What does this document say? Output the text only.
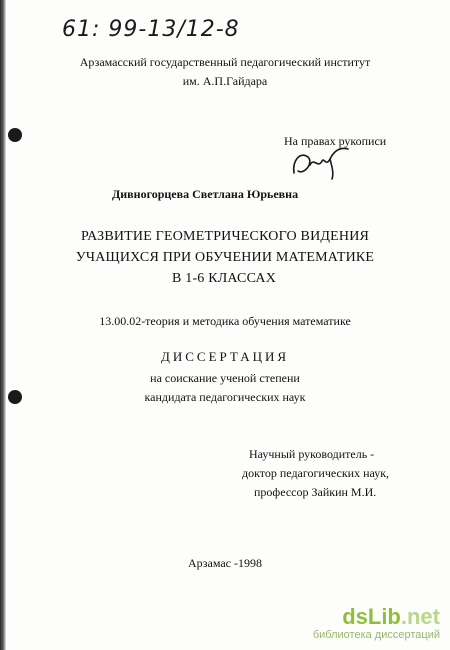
61: 99-13/12-8
Арзамасский государственный педагогический институт
им. А.П.Гайдара
На правах рукописи
Дивногорцева Светлана Юрьевна
РАЗВИТИЕ ГЕОМЕТРИЧЕСКОГО ВИДЕНИЯ
УЧАЩИХСЯ ПРИ ОБУЧЕНИИ МАТЕМАТИКЕ
В 1-6 КЛАССАХ
13.00.02-теория и методика обучения математике
ДИССЕРТАЦИЯ
на соискание ученой степени
кандидата педагогических наук
Научный руководитель -
доктор педагогических наук,
профессор Зайкин М.И.
Арзамас -1998
dsLib.net
библиотека диссертаций
